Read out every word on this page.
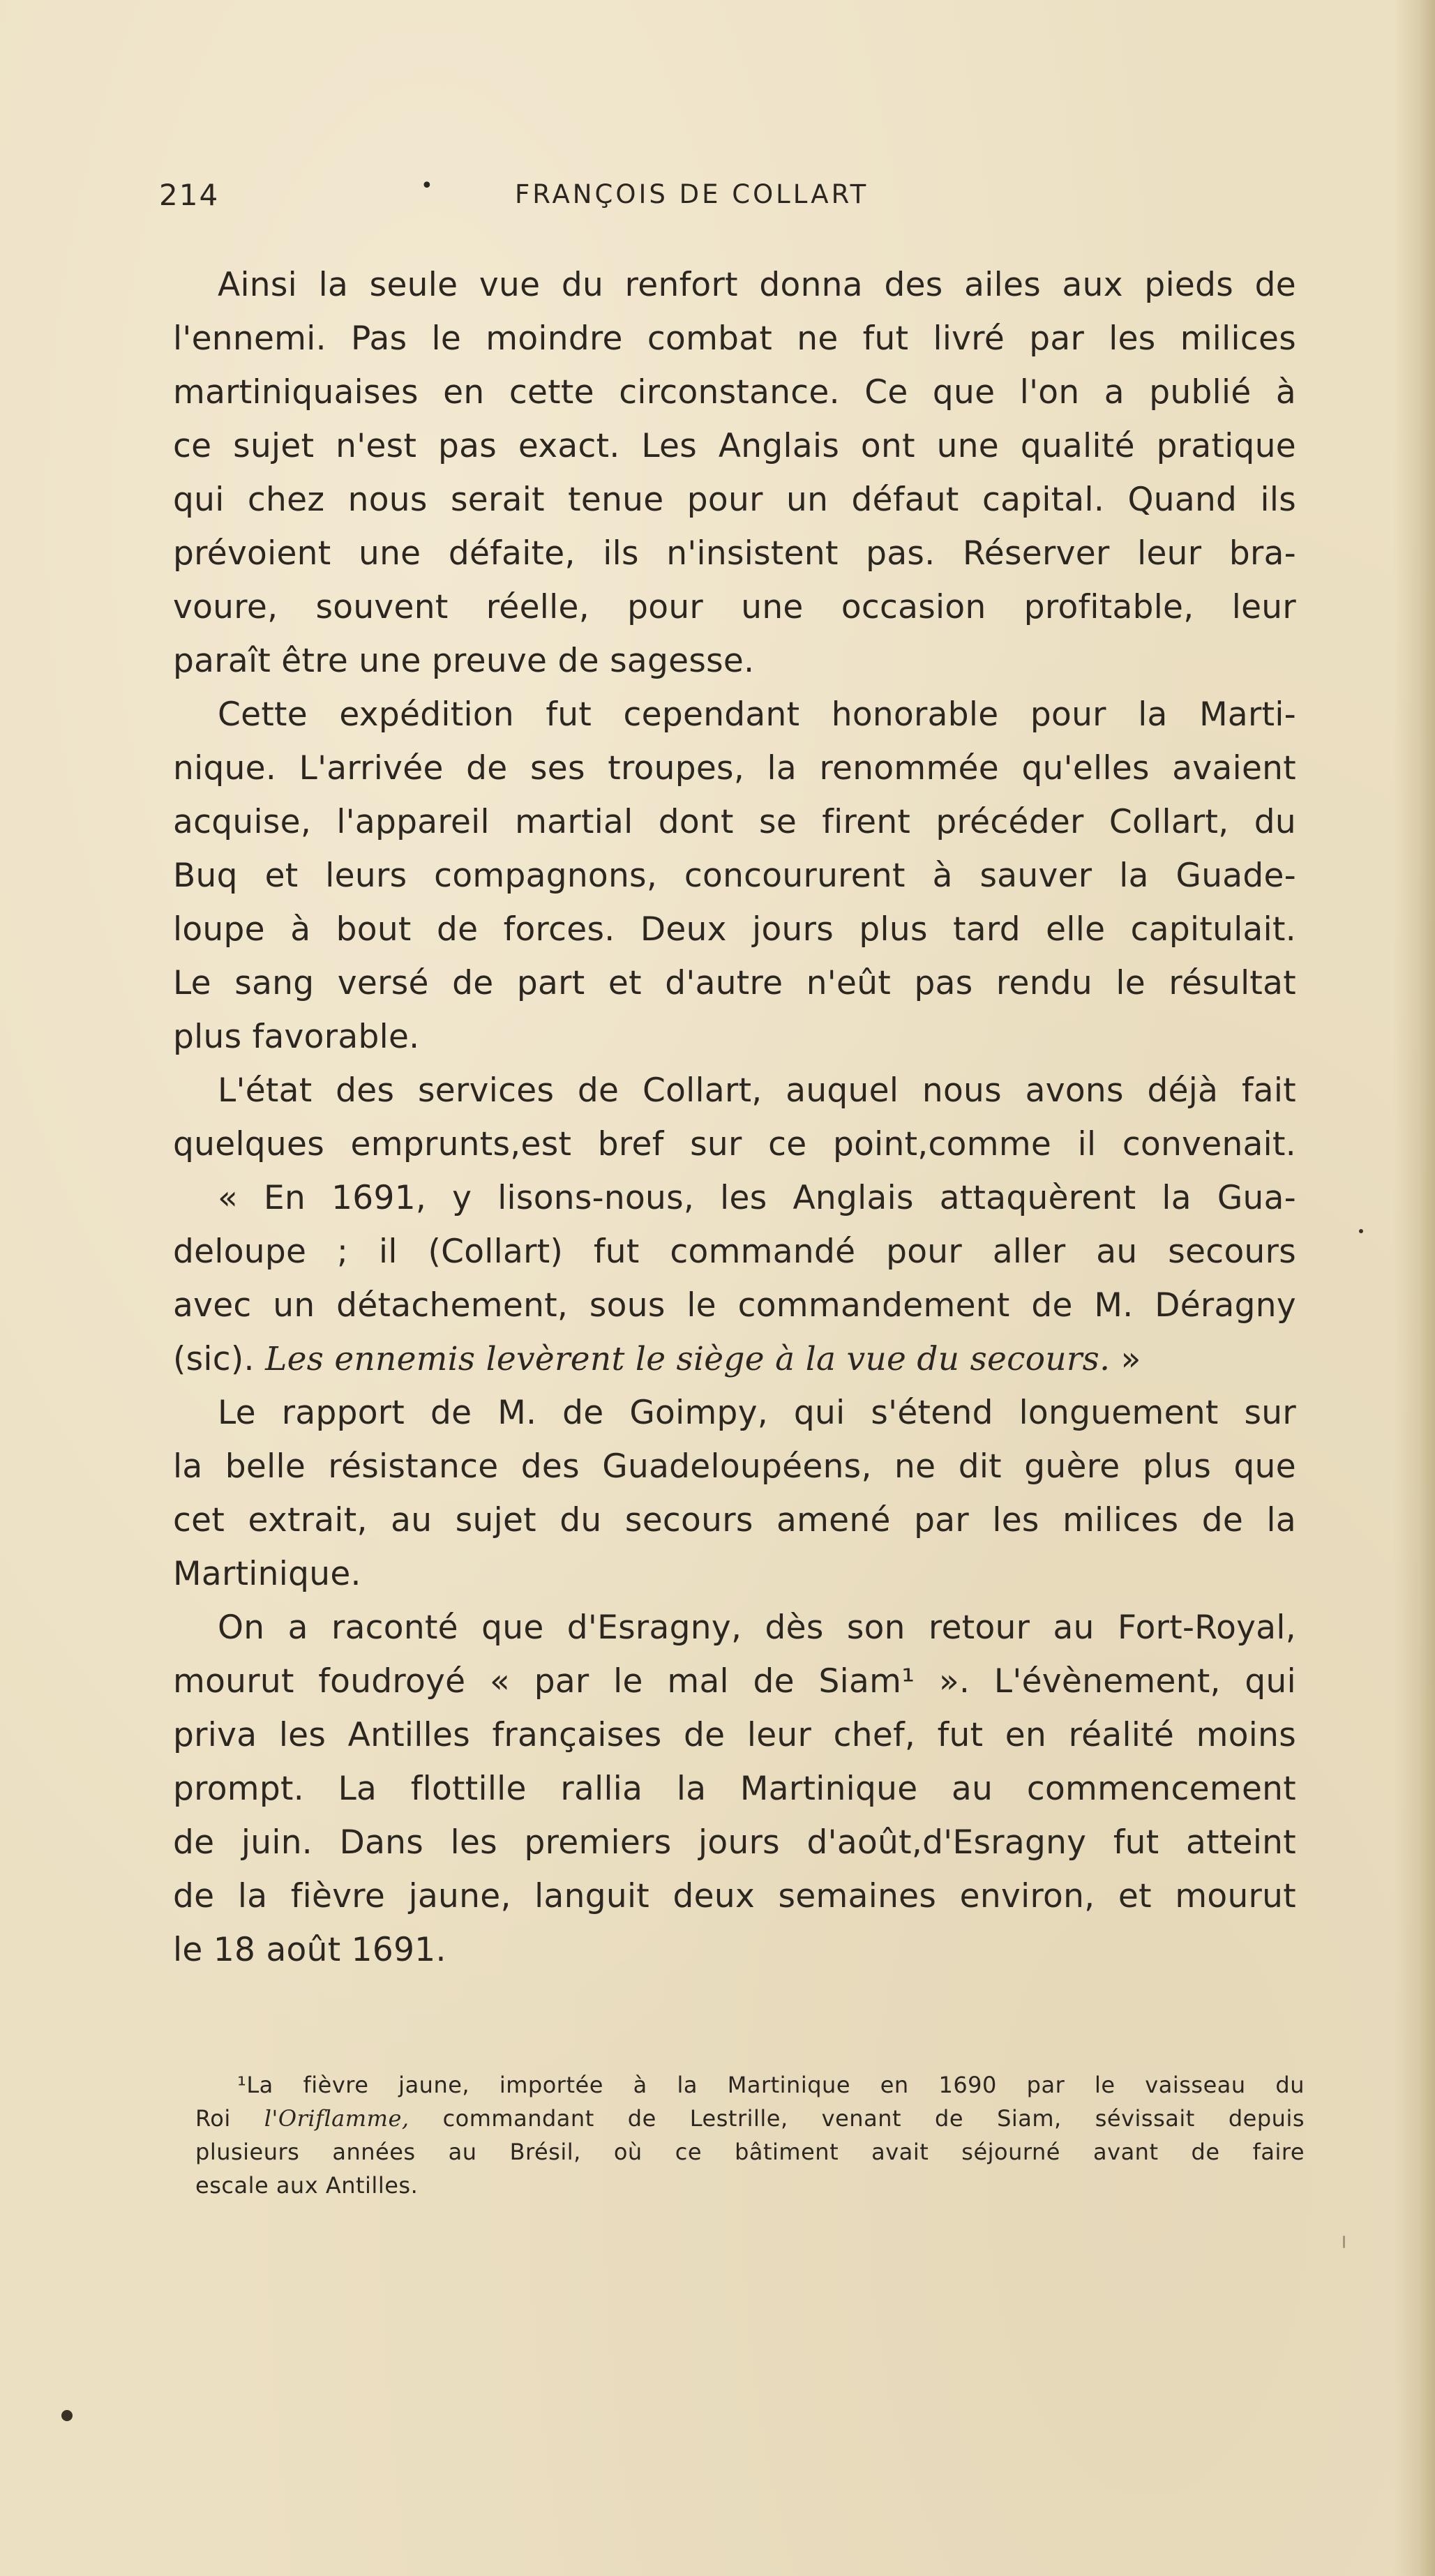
214	•	FRANÇOIS DE COLLART
Ainsi la seule vue du renfort donna des ailes aux pieds de
l'ennemi. Pas le moindre combat ne fut livré par les milices
martiniquaises en cette circonstance. Ce que l'on a publié à
ce sujet n'est pas exact. Les Anglais ont une qualité pratique
qui chez nous serait tenue pour un défaut capital. Quand ils
prévoient une défaite, ils n'insistent pas. Réserver leur bra-
voure, souvent réelle, pour une occasion profitable, leur
paraît être une preuve de sagesse.
Cette expédition fut cependant honorable pour la Marti-
nique. L'arrivée de ses troupes, la renommée qu'elles avaient
acquise, l'appareil martial dont se firent précéder Collart, du
Buq et leurs compagnons, concoururent à sauver la Guade-
loupe à bout de forces. Deux jours plus tard elle capitulait.
Le sang versé de part et d'autre n'eût pas rendu le résultat
plus favorable.
L'état des services de Collart, auquel nous avons déjà fait
quelques emprunts,est bref sur ce point,comme il convenait.
« En 1691, y lisons-nous, les Anglais attaquèrent la Gua-
deloupe ; il (Collart) fut commandé pour aller au secours
avec un détachement, sous le commandement de M. Déragny
(sic). Les ennemis levèrent le siège à la vue du secours. »
Le rapport de M. de Goimpy, qui s'étend longuement sur
la belle résistance des Guadeloupéens, ne dit guère plus que
cet extrait, au sujet du secours amené par les milices de la
Martinique.
On a raconté que d'Esragny, dès son retour au Fort-Royal,
mourut foudroyé « par le mal de Siam¹ ». L'évènement, qui
priva les Antilles françaises de leur chef, fut en réalité moins
prompt. La flottille rallia la Martinique au commencement
de juin. Dans les premiers jours d'août,d'Esragny fut atteint
de la fièvre jaune, languit deux semaines environ, et mourut
le 18 août 1691.
¹La fièvre jaune, importée à la Martinique en 1690 par le vaisseau du
Roi l'Oriflamme, commandant de Lestrille, venant de Siam, sévissait depuis
plusieurs années au Brésil, où ce bâtiment avait séjourné avant de faire
escale aux Antilles.
